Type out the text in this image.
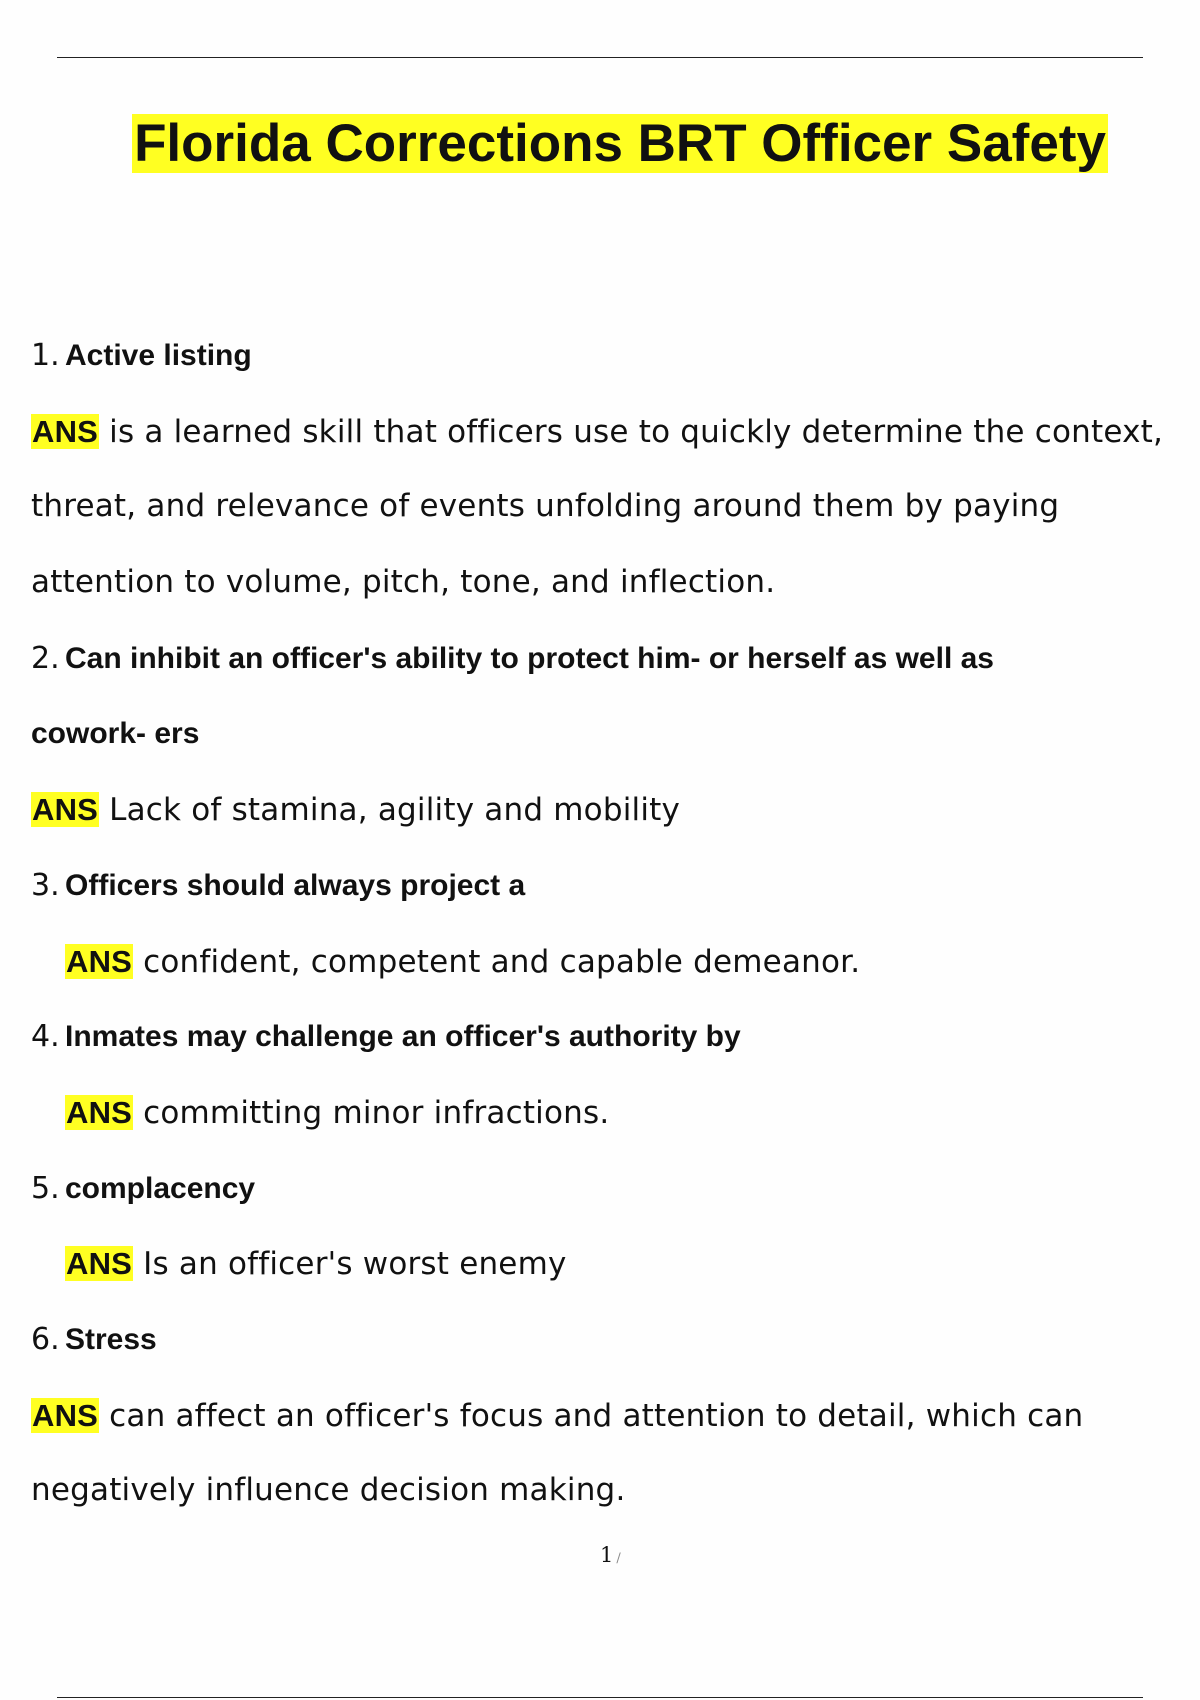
Florida Corrections BRT Officer Safety
1. Active listing
ANS is a learned skill that officers use to quickly determine the context,
threat, and relevance of events unfolding around them by paying
attention to volume, pitch, tone, and inflection.
2. Can inhibit an officer's ability to protect him- or herself as well as
cowork- ers
ANS Lack of stamina, agility and mobility
3. Officers should always project a
ANS confident, competent and capable demeanor.
4. Inmates may challenge an officer's authority by
ANS committing minor infractions.
5. complacency
ANS Is an officer's worst enemy
6. Stress
ANS can affect an officer's focus and attention to detail, which can
negatively influence decision making.
1 /
